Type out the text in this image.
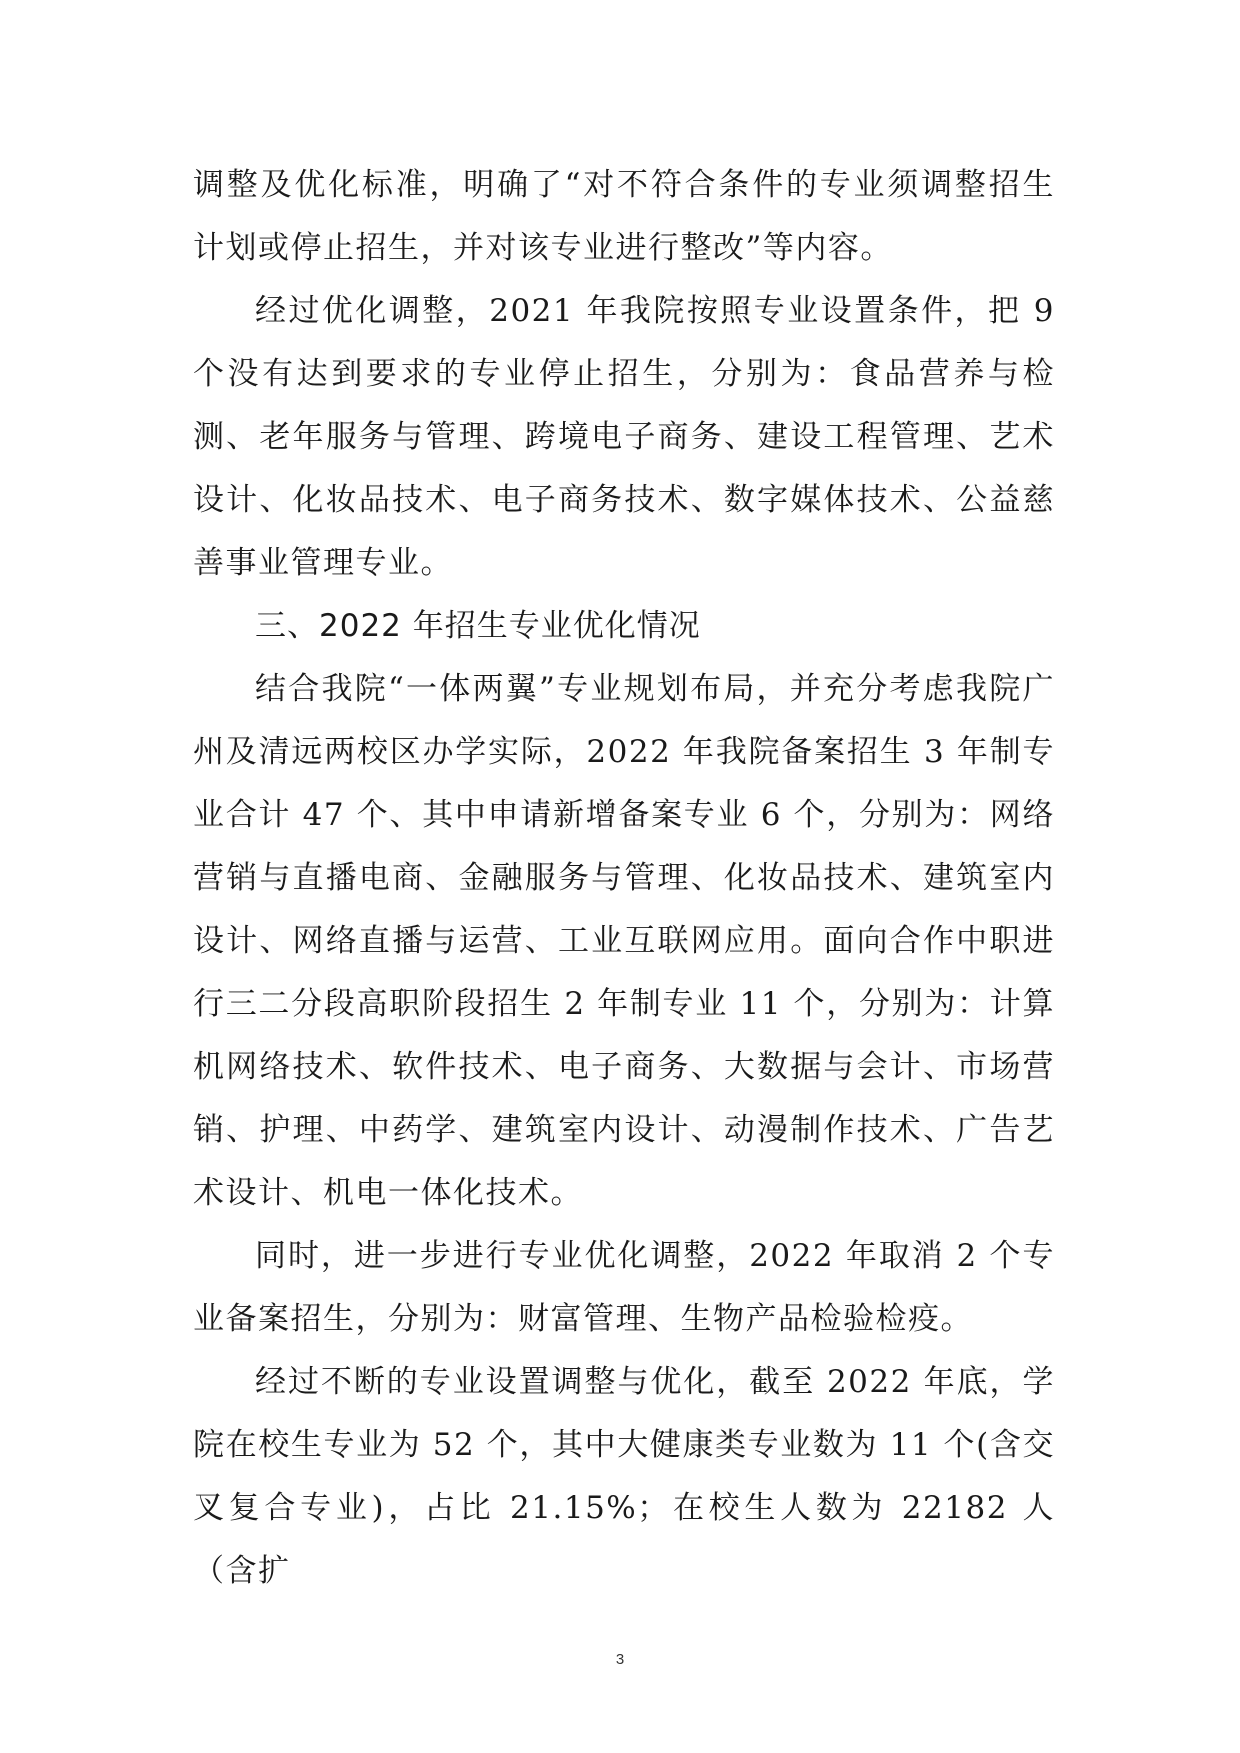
调整及优化标准，明确了“对不符合条件的专业须调整招生计划或停止招生，并对该专业进行整改”等内容。

经过优化调整，2021 年我院按照专业设置条件，把 9 个没有达到要求的专业停止招生，分别为：食品营养与检测、老年服务与管理、跨境电子商务、建设工程管理、艺术设计、化妆品技术、电子商务技术、数字媒体技术、公益慈善事业管理专业。

三、2022 年招生专业优化情况

结合我院“一体两翼”专业规划布局，并充分考虑我院广州及清远两校区办学实际，2022 年我院备案招生 3 年制专业合计 47 个、其中申请新增备案专业 6 个，分别为：网络营销与直播电商、金融服务与管理、化妆品技术、建筑室内设计、网络直播与运营、工业互联网应用。面向合作中职进行三二分段高职阶段招生 2 年制专业 11 个，分别为：计算机网络技术、软件技术、电子商务、大数据与会计、市场营销、护理、中药学、建筑室内设计、动漫制作技术、广告艺术设计、机电一体化技术。

同时，进一步进行专业优化调整，2022 年取消 2 个专业备案招生，分别为：财富管理、生物产品检验检疫。

经过不断的专业设置调整与优化，截至 2022 年底，学院在校生专业为 52 个，其中大健康类专业数为 11 个(含交叉复合专业)，占比 21.15%；在校生人数为 22182 人（含扩

3
